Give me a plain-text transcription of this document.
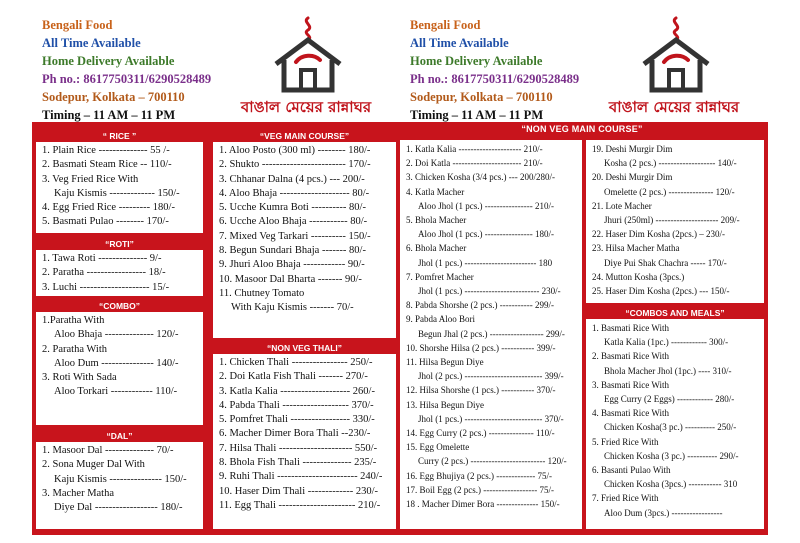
Bengali Food
All Time Available
Home Delivery Available
Ph no.: 8617750311/6290528489
Sodepur, Kolkata – 700110
Timing – 11 AM – 11 PM	বাঙাল মেয়ের রান্নাঘর
Bengali Food
All Time Available
Home Delivery Available
Ph no.: 8617750311/6290528489
Sodepur, Kolkata – 700110
Timing – 11 AM – 11 PM	বাঙাল মেয়ের রান্নাঘর
“ RICE ”
1. Plain Rice -------------- 55 /-
2. Basmati Steam Rice -- 110/-
3. Veg Fried Rice With
Kaju Kismis ------------- 150/-
4. Egg Fried Rice --------- 180/-
5. Basmati Pulao -------- 170/-
“ROTI”
1. Tawa Roti -------------- 9/-
2. Paratha ----------------- 18/-
3. Luchi -------------------- 15/-
“COMBO”
1.Paratha With
Aloo Bhaja -------------- 120/-
2. Paratha With
Aloo Dum --------------- 140/-
3. Roti With Sada
Aloo Torkari ------------ 110/-
“DAL”
1. Masoor Dal -------------- 70/-
2. Sona Muger Dal With
Kaju Kismis --------------- 150/-
3. Macher Matha
Diye Dal ------------------ 180/-
“VEG MAIN COURSE”
1. Aloo Posto (300 ml) -------- 180/-
2. Shukto ------------------------ 170/-
3. Chhanar Dalna (4 pcs.) --- 200/-
4. Aloo Bhaja -------------------- 80/-
5. Ucche Kumra Boti ---------- 80/-
6. Ucche Aloo Bhaja ----------- 80/-
7. Mixed Veg Tarkari ---------- 150/-
8. Begun Sundari Bhaja ------- 80/-
9. Jhuri Aloo Bhaja ------------ 90/-
10. Masoor Dal Bharta ------- 90/-
11. Chutney Tomato
With Kaju Kismis ------- 70/-
“NON VEG THALI”
1. Chicken Thali ---------------- 250/-
2. Doi Katla Fish Thali ------- 270/-
3. Katla Kalia -------------------- 260/-
4. Pabda Thali ------------------- 370/-
5. Pomfret Thali ----------------- 330/-
6. Macher Dimer Bora Thali --230/-
7. Hilsa Thali --------------------- 550/-
8. Bhola Fish Thali -------------- 235/-
9. Ruhi Thali ----------------------- 240/-
10. Haser Dim Thali ------------- 230/-
11. Egg Thali ---------------------- 210/-
“NON VEG MAIN COURSE”
1. Katla Kalia --------------------- 210/-
2. Doi Katla ----------------------- 210/-
3. Chicken Kosha (3/4 pcs.) --- 200/280/-
4. Katla Macher
Aloo Jhol (1 pcs.) ---------------- 210/-
5. Bhola Macher
Aloo Jhol (1 pcs.) ---------------- 180/-
6. Bhola Macher
Jhol (1 pcs.) ------------------------ 180
7. Pomfret Macher
Jhol (1 pcs.) ------------------------- 230/-
8. Pabda Shorshe (2 pcs.) ----------- 299/-
9. Pabda Aloo Bori
Begun Jhal (2 pcs.) ------------------ 299/-
10. Shorshe Hilsa (2 pcs.) ----------- 399/-
11. Hilsa Begun Diye
Jhol (2 pcs.) -------------------------- 399/-
12. Hilsa Shorshe (1 pcs.) ----------- 370/-
13. Hilsa Begun Diye
Jhol (1 pcs.) -------------------------- 370/-
14. Egg Curry (2 pcs.) --------------- 110/-
15. Egg Omelette
Curry (2 pcs.) ------------------------- 120/-
16. Egg Bhujiya (2 pcs.) ------------- 75/-
17. Boil Egg (2 pcs.) ------------------ 75/-
18 . Macher Dimer Bora -------------- 150/-
19. Deshi Murgir Dim
Kosha (2 pcs.) ------------------- 140/-
20. Deshi Murgir Dim
Omelette (2 pcs.) --------------- 120/-
21. Lote Macher
Jhuri (250ml) --------------------- 209/-
22. Haser Dim Kosha (2pcs.) – 230/-
23. Hilsa Macher Matha
Diye Pui Shak Chachra ----- 170/-
24. Mutton Kosha (3pcs.)
25. Haser Dim Kosha (2pcs.) --- 150/-
“COMBOS AND MEALS”
1. Basmati Rice With
Katla Kalia (1pc.) ------------ 300/-
2. Basmati Rice With
Bhola Macher Jhol (1pc.) ---- 310/-
3. Basmati Rice With
Egg Curry (2 Eggs) ------------ 280/-
4. Basmati Rice With
Chicken Kosha(3 pc.) ---------- 250/-
5. Fried Rice With
Chicken Kosha (3 pc.) ---------- 290/-
6. Basanti Pulao With
Chicken Kosha (3pcs.) ----------- 310
7. Fried Rice With
Aloo Dum (3pcs.) -----------------
